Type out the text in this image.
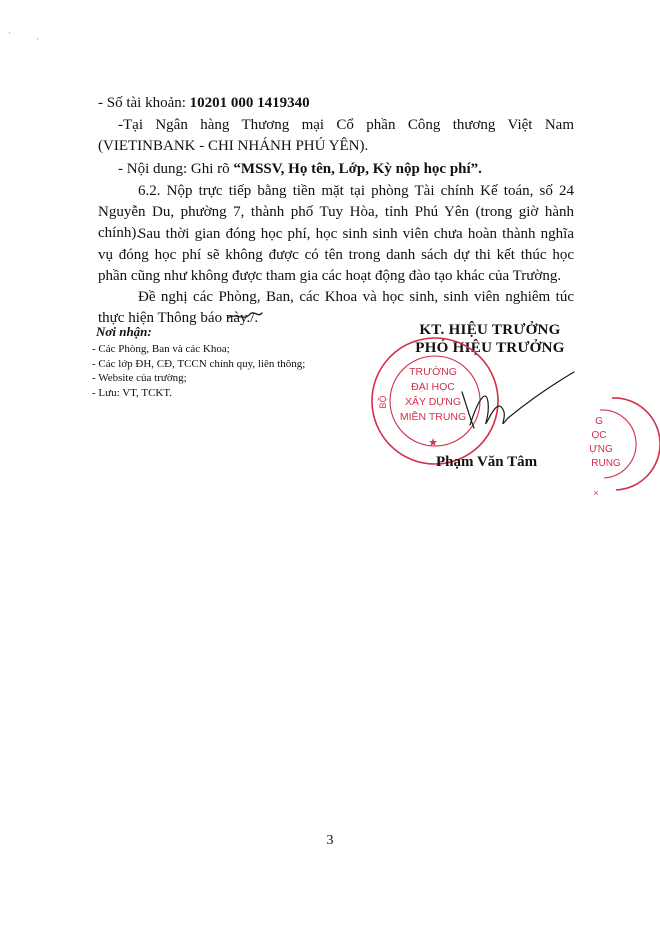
·
·
- Số tài khoản: 10201 000 1419340
-Tại Ngân hàng Thương mại Cổ phần Công thương Việt Nam (VIETINBANK - CHI NHÁNH PHÚ YÊN).
- Nội dung: Ghi rõ “MSSV, Họ tên, Lớp, Kỳ nộp học phí”.
6.2. Nộp trực tiếp bằng tiền mặt tại phòng Tài chính Kế toán, số 24 Nguyễn Du, phường 7, thành phố Tuy Hòa, tỉnh Phú Yên (trong giờ hành chính).
Sau thời gian đóng học phí, học sinh sinh viên chưa hoàn thành nghĩa vụ đóng học phí sẽ không được có tên trong danh sách dự thi kết thúc học phần cũng như không được tham gia các hoạt động đào tạo khác của Trường.
Đề nghị các Phòng, Ban, các Khoa và học sinh, sinh viên nghiêm túc thực hiện Thông báo này./.
Nơi nhận:
- Các Phòng, Ban và các Khoa;
- Các lớp ĐH, CĐ, TCCN chính quy, liên thông;
- Website của trường;
- Lưu: VT, TCKT.
KT. HIỆU TRƯỞNG
PHÓ HIỆU TRƯỞNG
TRƯỜNG
ĐẠI HỌC
XÂY DỰNG
MIỀN TRUNG
BỘ
★
G
ỌC
ỰNG
RUNG
×
Phạm Văn Tâm
3
